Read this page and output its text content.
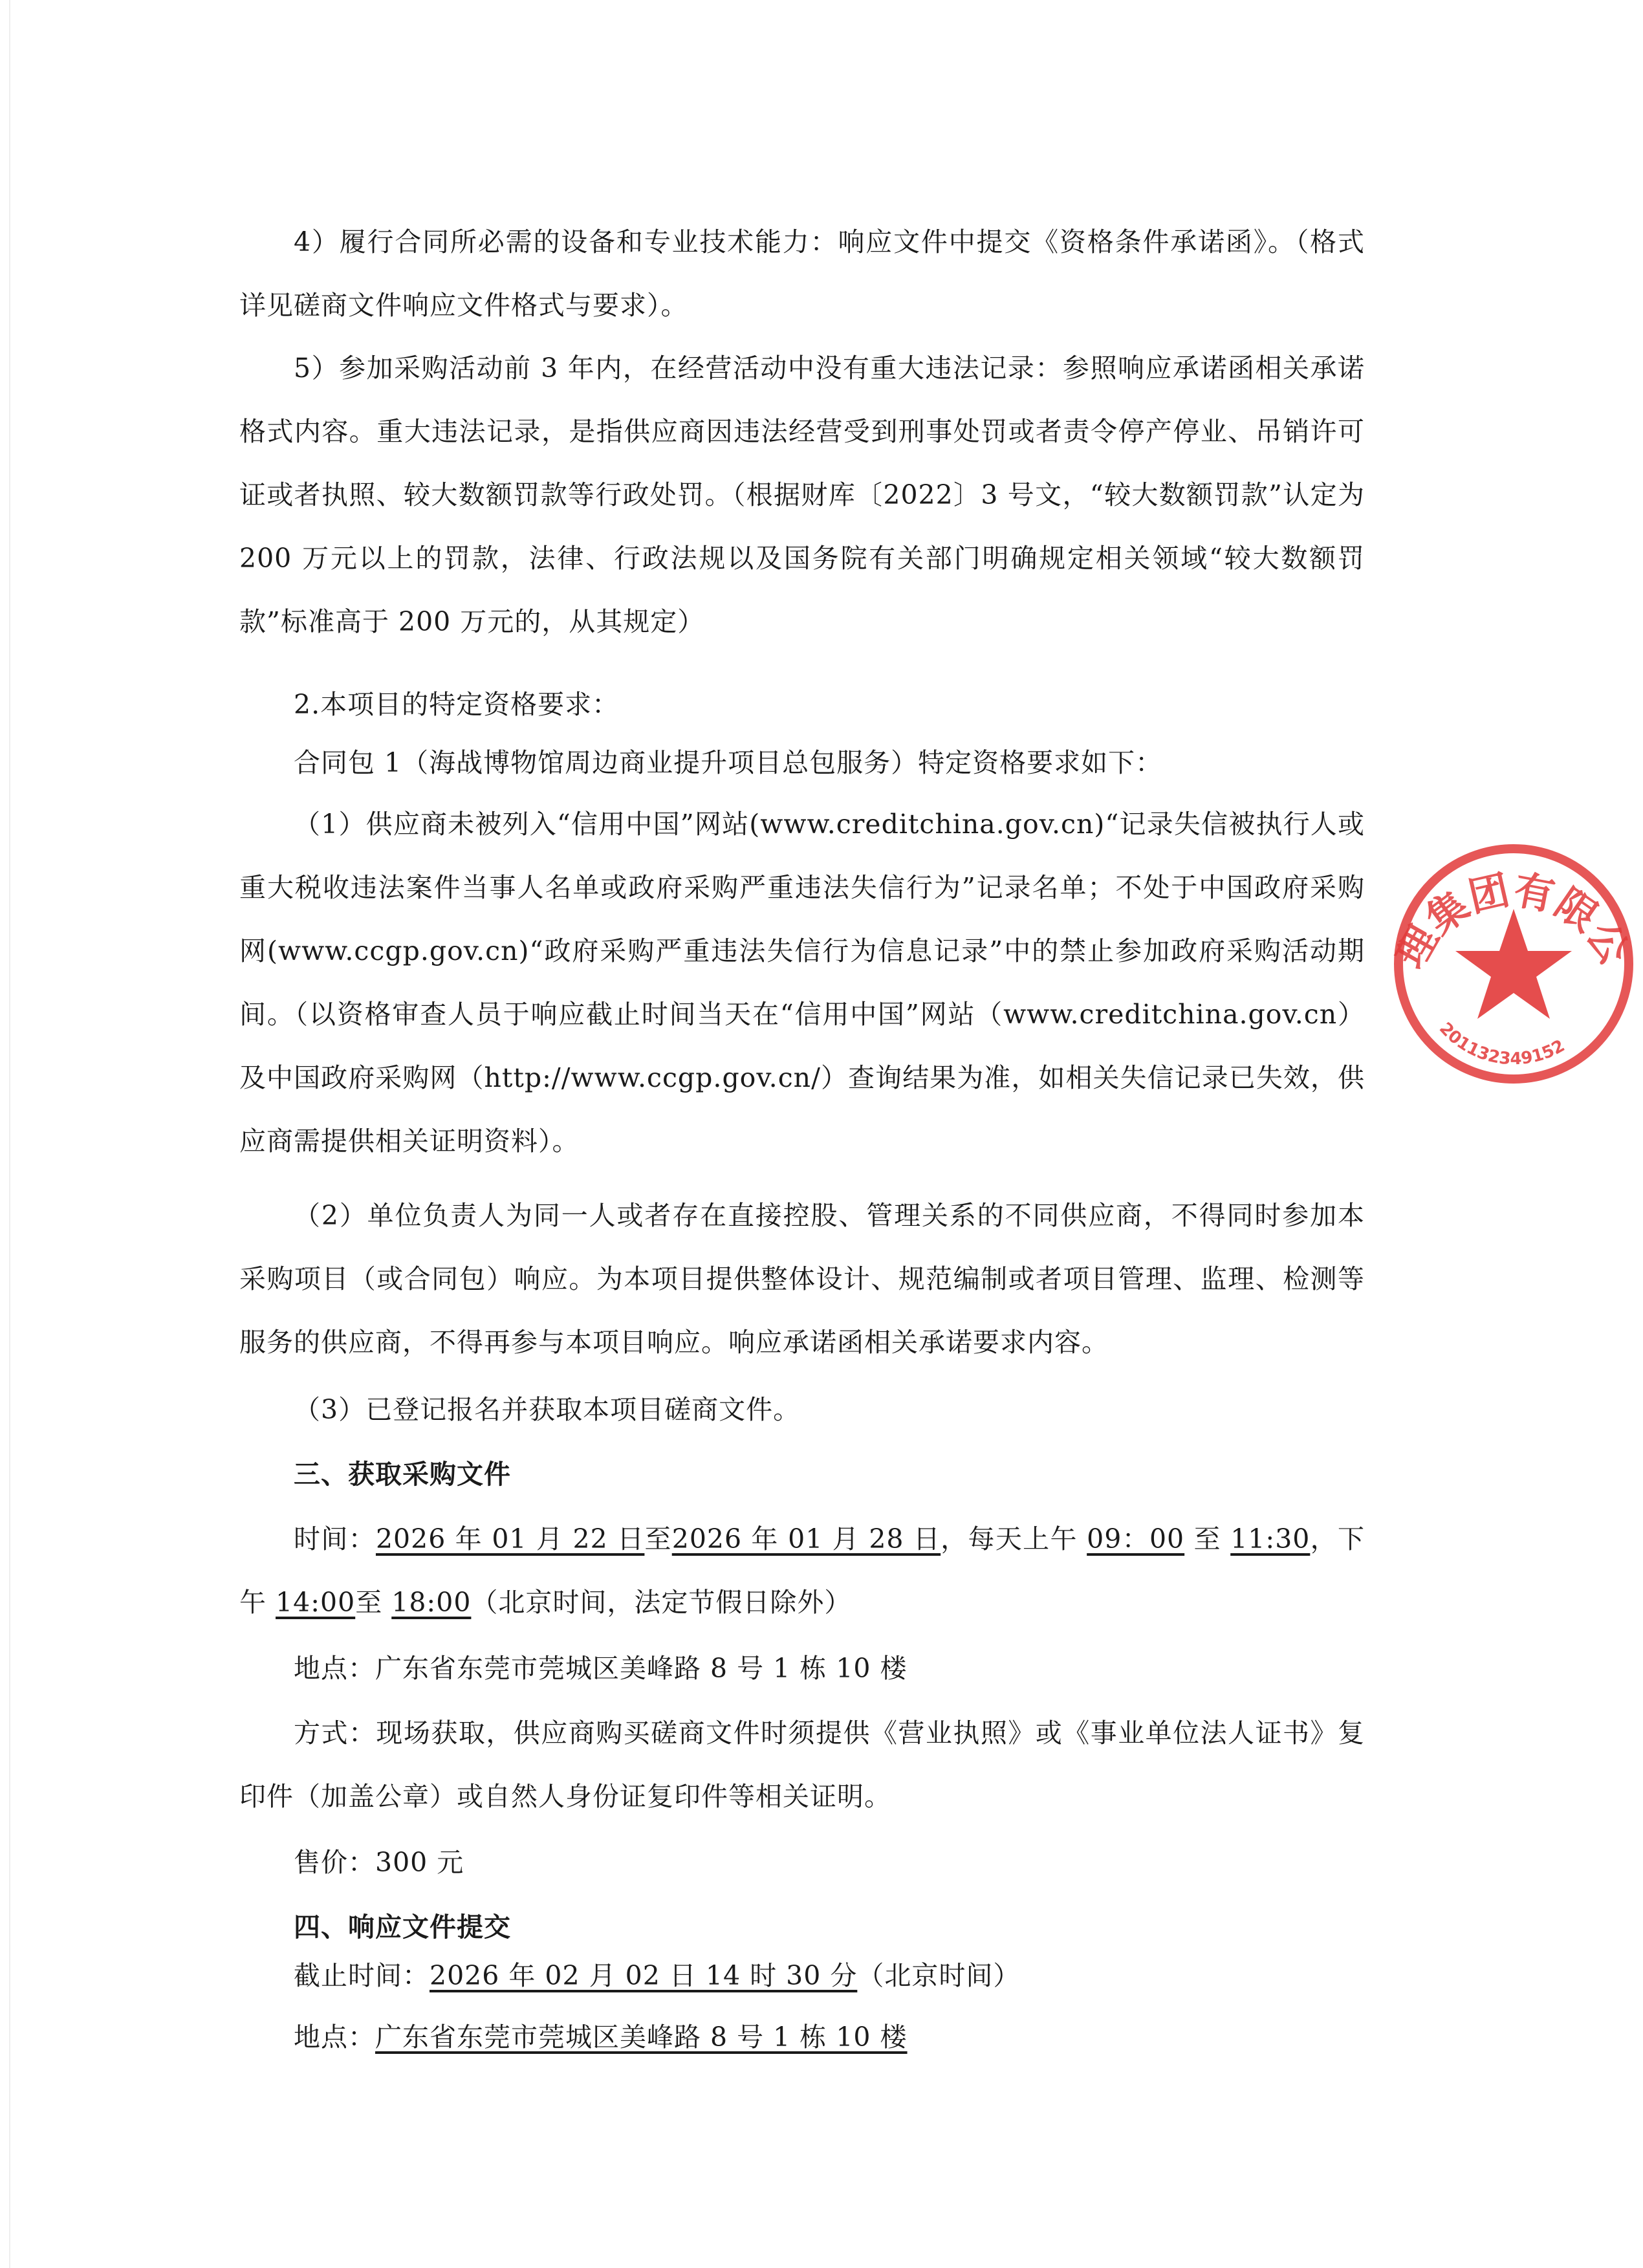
4）履行合同所必需的设备和专业技术能力：响应文件中提交《资格条件承诺函》。（格式详见磋商文件响应文件格式与要求）。

5）参加采购活动前 3 年内，在经营活动中没有重大违法记录：参照响应承诺函相关承诺格式内容。重大违法记录，是指供应商因违法经营受到刑事处罚或者责令停产停业、吊销许可证或者执照、较大数额罚款等行政处罚。（根据财库〔2022〕3 号文，“较大数额罚款”认定为 200 万元以上的罚款，法律、行政法规以及国务院有关部门明确规定相关领域“较大数额罚款”标准高于 200 万元的，从其规定）

2.本项目的特定资格要求：

合同包 1（海战博物馆周边商业提升项目总包服务）特定资格要求如下：

（1）供应商未被列入“信用中国”网站(www.creditchina.gov.cn)“记录失信被执行人或重大税收违法案件当事人名单或政府采购严重违法失信行为”记录名单；不处于中国政府采购网(www.ccgp.gov.cn)“政府采购严重违法失信行为信息记录”中的禁止参加政府采购活动期间。（以资格审查人员于响应截止时间当天在“信用中国”网站（www.creditchina.gov.cn）及中国政府采购网（http://www.ccgp.gov.cn/）查询结果为准，如相关失信记录已失效，供应商需提供相关证明资料）。

（2）单位负责人为同一人或者存在直接控股、管理关系的不同供应商，不得同时参加本采购项目（或合同包）响应。为本项目提供整体设计、规范编制或者项目管理、监理、检测等服务的供应商，不得再参与本项目响应。响应承诺函相关承诺要求内容。

（3）已登记报名并获取本项目磋商文件。

三、获取采购文件

时间：2026 年 01 月 22 日至2026 年 01 月 28 日，每天上午 09：00 至 11:30，下午 14:00至 18:00（北京时间，法定节假日除外）

地点：广东省东莞市莞城区美峰路 8 号 1 栋 10 楼

方式：现场获取，供应商购买磋商文件时须提供《营业执照》或《事业单位法人证书》复印件（加盖公章）或自然人身份证复印件等相关证明。

售价：300 元

四、响应文件提交

截止时间：2026 年 02 月 02 日 14 时 30 分（北京时间）

地点：广东省东莞市莞城区美峰路 8 号 1 栋 10 楼

理集团有限公司
201132349152
